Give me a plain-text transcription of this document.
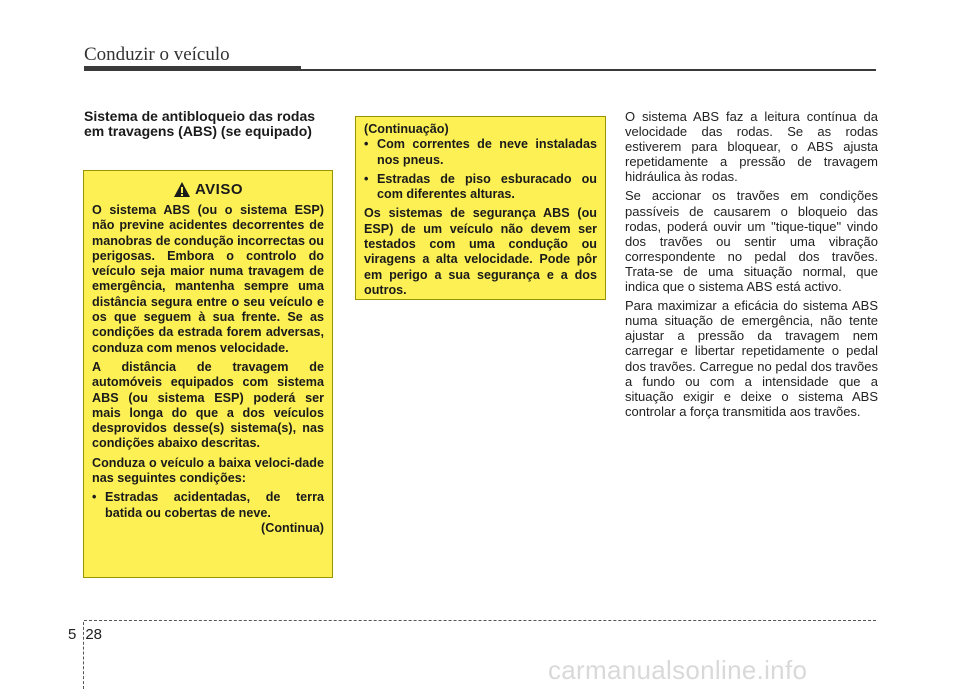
Conduzir o veículo
Sistema de antibloqueio das rodas em travagens (ABS) (se equipado)
AVISO

O sistema ABS (ou o sistema ESP) não previne acidentes decorrentes de manobras de condução incorrectas ou perigosas. Embora o controlo do veículo seja maior numa travagem de emergência, mantenha sempre uma distância segura entre o seu veículo e os que seguem à sua frente. Se as condições da estrada forem adversas, conduza com menos velocidade.

A distância de travagem de automóveis equipados com sistema ABS (ou sistema ESP) poderá ser mais longa do que a dos veículos desprovidos desse(s) sistema(s), nas condições abaixo descritas.

Conduza o veículo a baixa veloci-dade nas seguintes condições:

• Estradas acidentadas, de terra batida ou cobertas de neve.

(Continua)

(Continuação)

• Com correntes de neve instaladas nos pneus.

• Estradas de piso esburacado ou com diferentes alturas.

Os sistemas de segurança ABS (ou ESP) de um veículo não devem ser testados com uma condução ou viragens a alta velocidade. Pode pôr em perigo a sua segurança e a dos outros.

O sistema ABS faz a leitura contínua da velocidade das rodas. Se as rodas estiverem para bloquear, o ABS ajusta repetidamente a pressão de travagem hidráulica às rodas.

Se accionar os travões em condições passíveis de causarem o bloqueio das rodas, poderá ouvir um "tique-tique" vindo dos travões ou sentir uma vibração correspondente no pedal dos travões. Trata-se de uma situação normal, que indica que o sistema ABS está activo.

Para maximizar a eficácia do sistema ABS numa situação de emergência, não tente ajustar a pressão da travagem nem carregar e libertar repetidamente o pedal dos travões. Carregue no pedal dos travões a fundo ou com a intensidade que a situação exigir e deixe o sistema ABS controlar a força transmitida aos travões.

5 28
carmanualsonline.info
